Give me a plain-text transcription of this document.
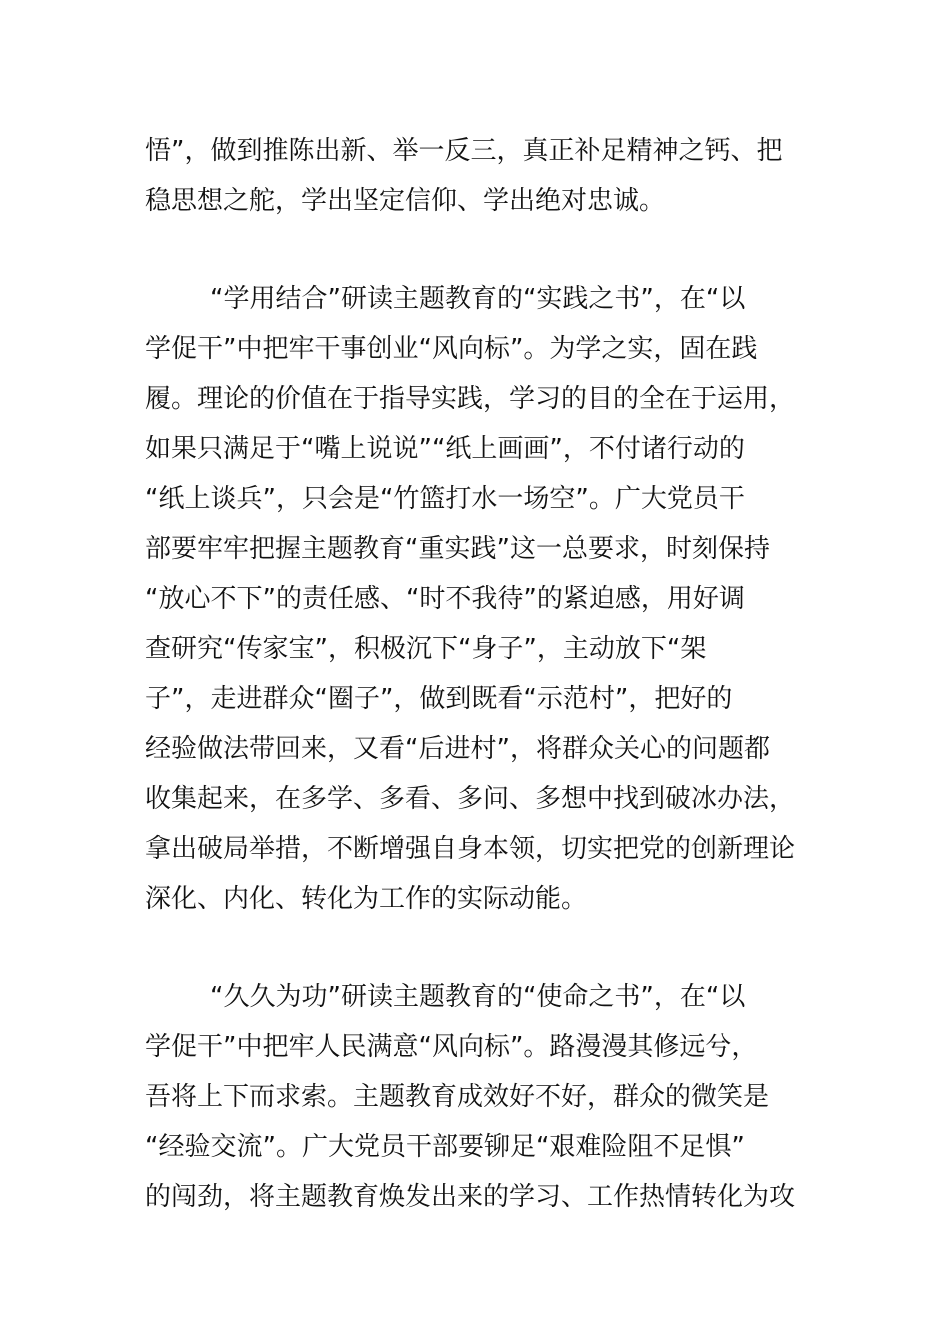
悟”，做到推陈出新、举一反三，真正补足精神之钙、把
稳思想之舵，学出坚定信仰、学出绝对忠诚。
“学用结合”研读主题教育的“实践之书”，在“以
学促干”中把牢干事创业“风向标”。为学之实，固在践
履。理论的价值在于指导实践，学习的目的全在于运用，
如果只满足于“嘴上说说”“纸上画画”，不付诸行动的
“纸上谈兵”，只会是“竹篮打水一场空”。广大党员干
部要牢牢把握主题教育“重实践”这一总要求，时刻保持
“放心不下”的责任感、“时不我待”的紧迫感，用好调
查研究“传家宝”，积极沉下“身子”，主动放下“架
子”，走进群众“圈子”，做到既看“示范村”，把好的
经验做法带回来，又看“后进村”，将群众关心的问题都
收集起来，在多学、多看、多问、多想中找到破冰办法，
拿出破局举措，不断增强自身本领，切实把党的创新理论
深化、内化、转化为工作的实际动能。
“久久为功”研读主题教育的“使命之书”，在“以
学促干”中把牢人民满意“风向标”。路漫漫其修远兮，
吾将上下而求索。主题教育成效好不好，群众的微笑是
“经验交流”。广大党员干部要铆足“艰难险阻不足惧”
的闯劲，将主题教育焕发出来的学习、工作热情转化为攻
